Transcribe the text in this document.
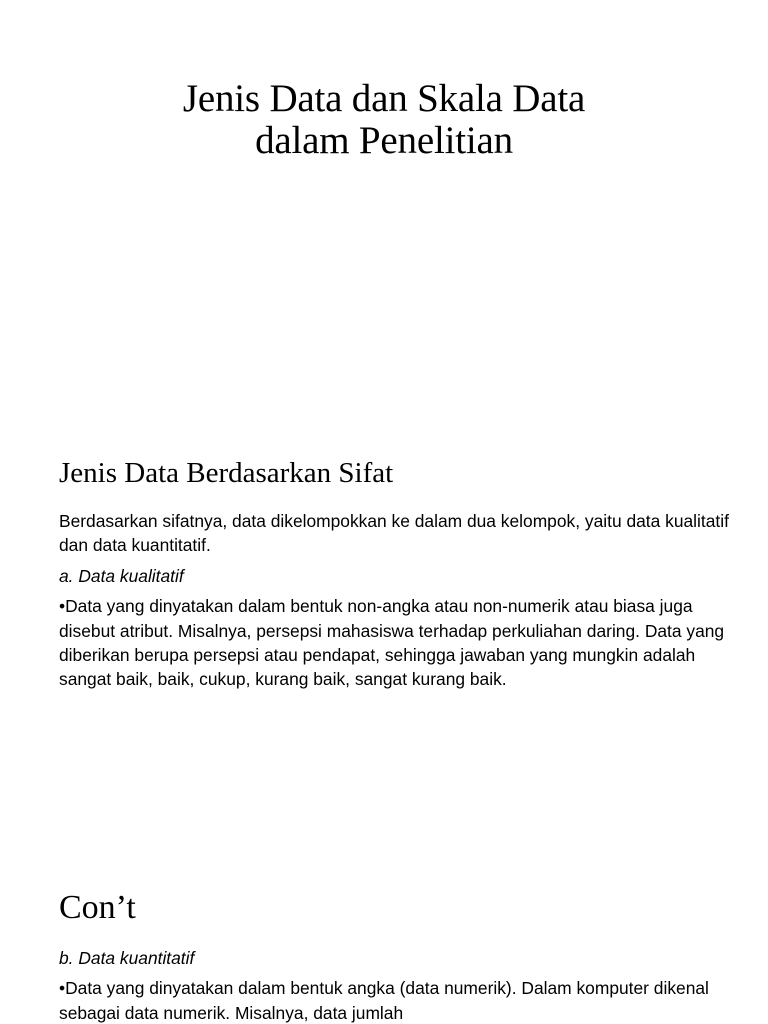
Jenis Data dan Skala Data
dalam Penelitian
Jenis Data Berdasarkan Sifat

Berdasarkan sifatnya, data dikelompokkan ke dalam dua kelompok, yaitu data kualitatif dan data kuantitatif.

a. Data kualitatif

•Data yang dinyatakan dalam bentuk non-angka atau non-numerik atau biasa juga disebut atribut. Misalnya, persepsi mahasiswa terhadap perkuliahan daring. Data yang diberikan berupa persepsi atau pendapat, sehingga jawaban yang mungkin adalah sangat baik, baik, cukup, kurang baik, sangat kurang baik.

Con’t

b. Data kuantitatif

•Data yang dinyatakan dalam bentuk angka (data numerik). Dalam komputer dikenal sebagai data numerik. Misalnya, data jumlah
